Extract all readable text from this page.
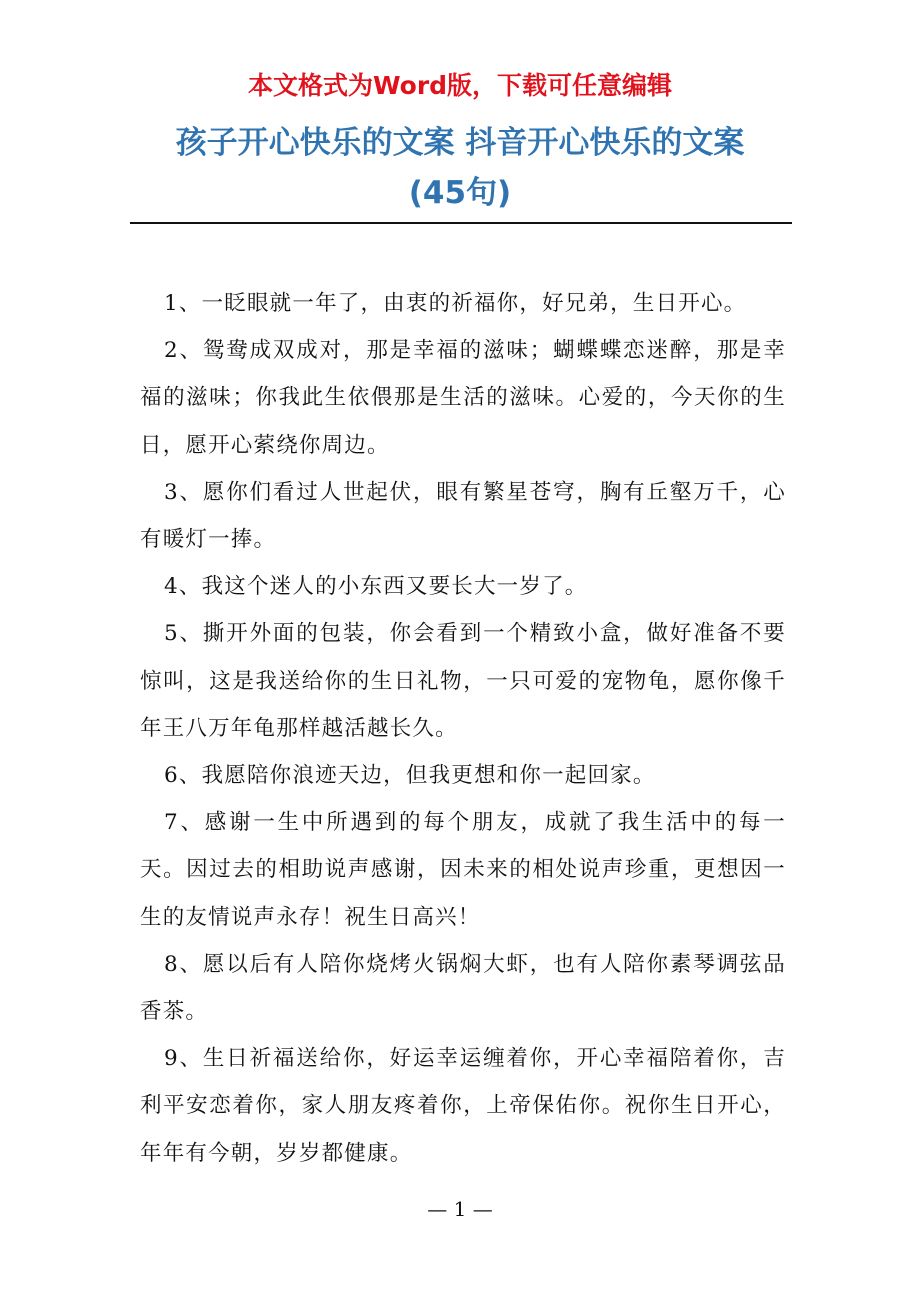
本文格式为Word版，下载可任意编辑
孩子开心快乐的文案 抖音开心快乐的文案
(45句)

1、一眨眼就一年了，由衷的祈福你，好兄弟，生日开心。

2、鸳鸯成双成对，那是幸福的滋味；蝴蝶蝶恋迷醉，那是幸福的滋味；你我此生依偎那是生活的滋味。心爱的，今天你的生日，愿开心萦绕你周边。

3、愿你们看过人世起伏，眼有繁星苍穹，胸有丘壑万千，心有暖灯一捧。

4、我这个迷人的小东西又要长大一岁了。

5、撕开外面的包装，你会看到一个精致小盒，做好准备不要惊叫，这是我送给你的生日礼物，一只可爱的宠物龟，愿你像千年王八万年龟那样越活越长久。

6、我愿陪你浪迹天边，但我更想和你一起回家。

7、感谢一生中所遇到的每个朋友，成就了我生活中的每一天。因过去的相助说声感谢，因未来的相处说声珍重，更想因一生的友情说声永存！祝生日高兴！

8、愿以后有人陪你烧烤火锅焖大虾，也有人陪你素琴调弦品香茶。

9、生日祈福送给你，好运幸运缠着你，开心幸福陪着你，吉利平安恋着你，家人朋友疼着你，上帝保佑你。祝你生日开心，年年有今朝，岁岁都健康。

— 1 —
